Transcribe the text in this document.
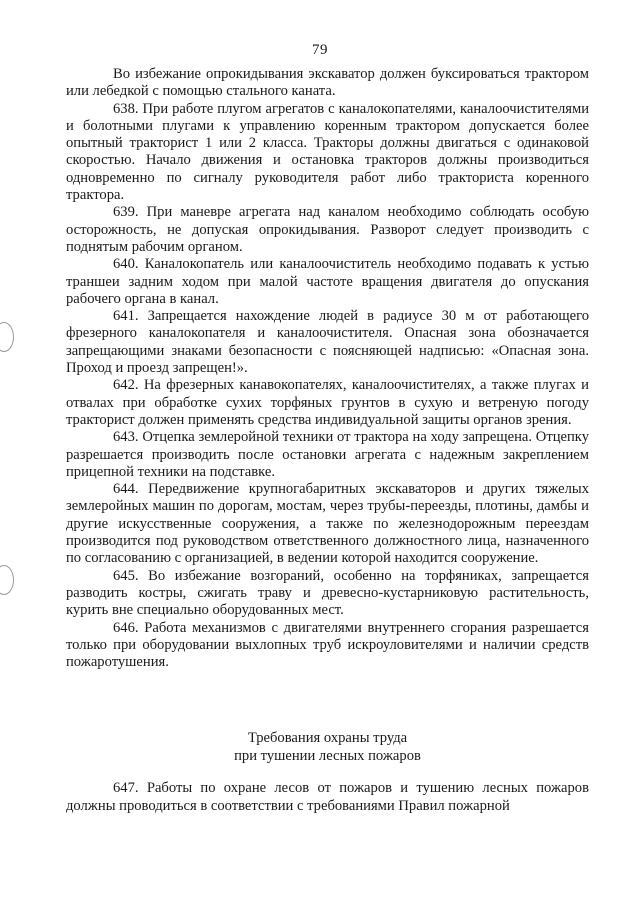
79

Во избежание опрокидывания экскаватор должен буксироваться трактором или лебедкой с помощью стального каната.

638. При работе плугом агрегатов с каналокопателями, каналоочистителями и болотными плугами к управлению коренным трактором допускается более опытный тракторист 1 или 2 класса. Тракторы должны двигаться с одинаковой скоростью. Начало движения и остановка тракторов должны производиться одновременно по сигналу руководителя работ либо тракториста коренного трактора.

639. При маневре агрегата над каналом необходимо соблюдать особую осторожность, не допуская опрокидывания. Разворот следует производить с поднятым рабочим органом.

640. Каналокопатель или каналоочиститель необходимо подавать к устью траншеи задним ходом при малой частоте вращения двигателя до опускания рабочего органа в канал.

641. Запрещается нахождение людей в радиусе 30 м от работающего фрезерного каналокопателя и каналоочистителя. Опасная зона обозначается запрещающими знаками безопасности с поясняющей надписью: «Опасная зона. Проход и проезд запрещен!».

642. На фрезерных канавокопателях, каналоочистителях, а также плугах и отвалах при обработке сухих торфяных грунтов в сухую и ветреную погоду тракторист должен применять средства индивидуальной защиты органов зрения.

643. Отцепка землеройной техники от трактора на ходу запрещена. Отцепку разрешается производить после остановки агрегата с надежным закреплением прицепной техники на подставке.

644. Передвижение крупногабаритных экскаваторов и других тяжелых землеройных машин по дорогам, мостам, через трубы-переезды, плотины, дамбы и другие искусственные сооружения, а также по железнодорожным переездам производится под руководством ответственного должностного лица, назначенного по согласованию с организацией, в ведении которой находится сооружение.

645. Во избежание возгораний, особенно на торфяниках, запрещается разводить костры, сжигать траву и древесно-кустарниковую растительность, курить вне специально оборудованных мест.

646. Работа механизмов с двигателями внутреннего сгорания разрешается только при оборудовании выхлопных труб искроуловителями и наличии средств пожаротушения.

Требования охраны труда
при тушении лесных пожаров

647. Работы по охране лесов от пожаров и тушению лесных пожаров должны проводиться в соответствии с требованиями Правил пожарной
